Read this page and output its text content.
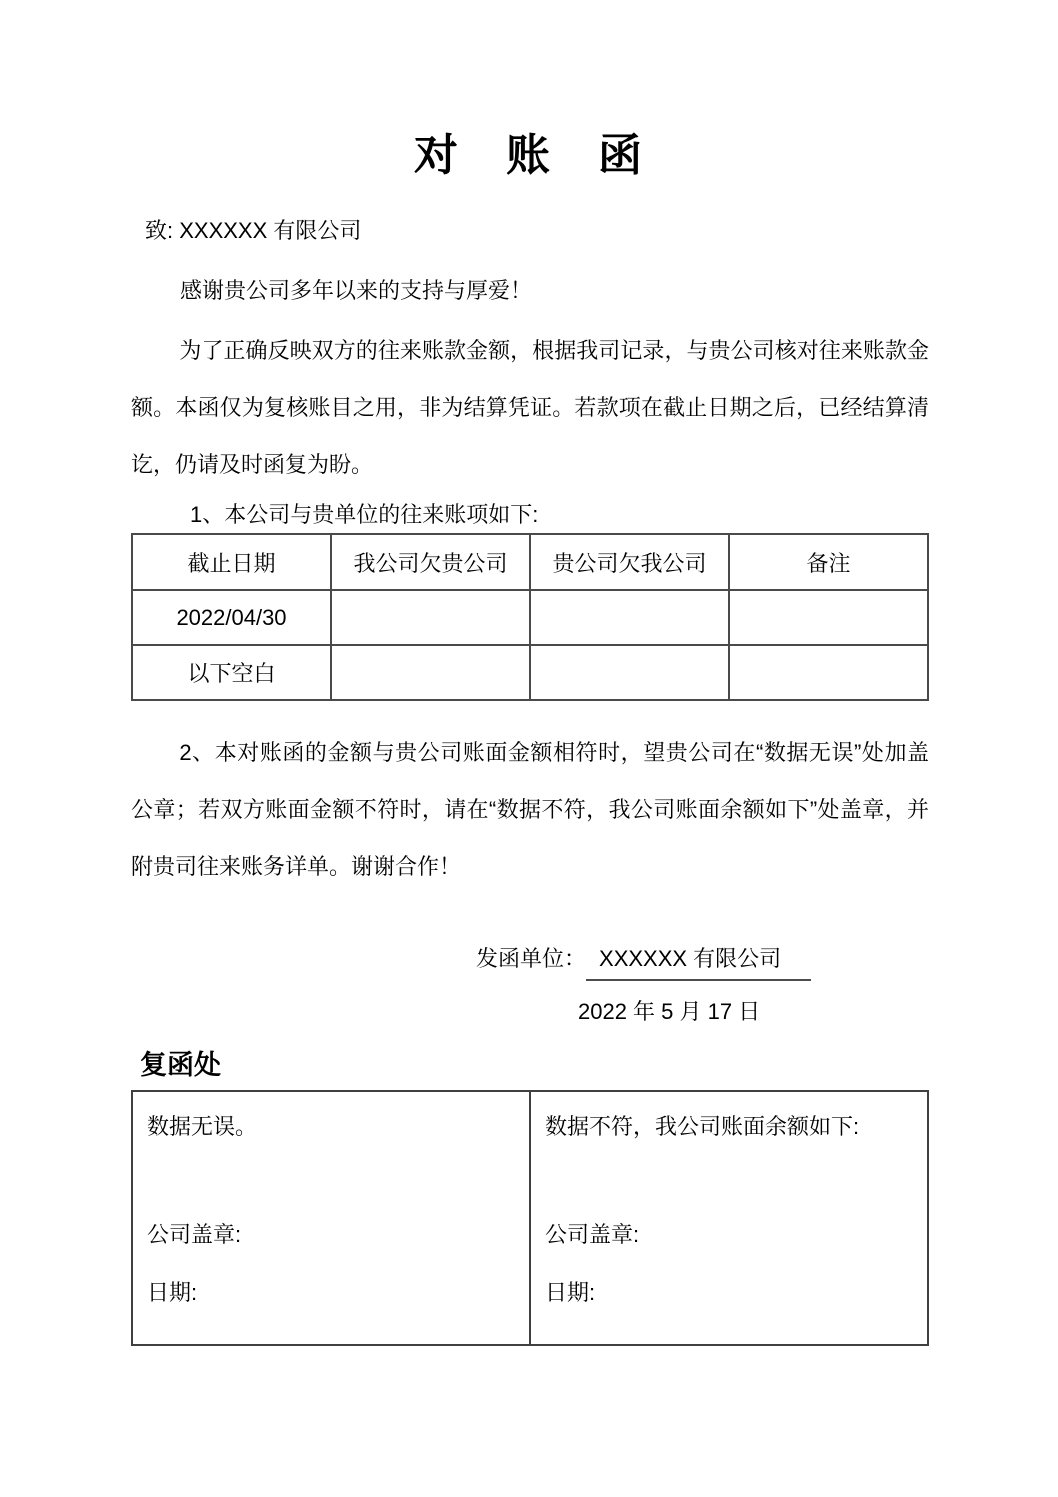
对　账　函
致: XXXXXX 有限公司
感谢贵公司多年以来的支持与厚爱！
为了正确反映双方的往来账款金额，根据我司记录，与贵公司核对往来账款金额。本函仅为复核账目之用，非为结算凭证。若款项在截止日期之后，已经结算清讫，仍请及时函复为盼。
1、本公司与贵单位的往来账项如下:
截止日期	我公司欠贵公司	贵公司欠我公司	备注
2022/04/30			
以下空白			
2、本对账函的金额与贵公司账面金额相符时，望贵公司在“数据无误”处加盖公章；若双方账面金额不符时，请在“数据不符，我公司账面余额如下”处盖章，并附贵司往来账务详单。谢谢合作！
发函单位： XXXXXX 有限公司
2022 年 5 月 17 日
复函处
数据无误。
公司盖章:
日期:

数据不符，我公司账面余额如下:
公司盖章:
日期:
